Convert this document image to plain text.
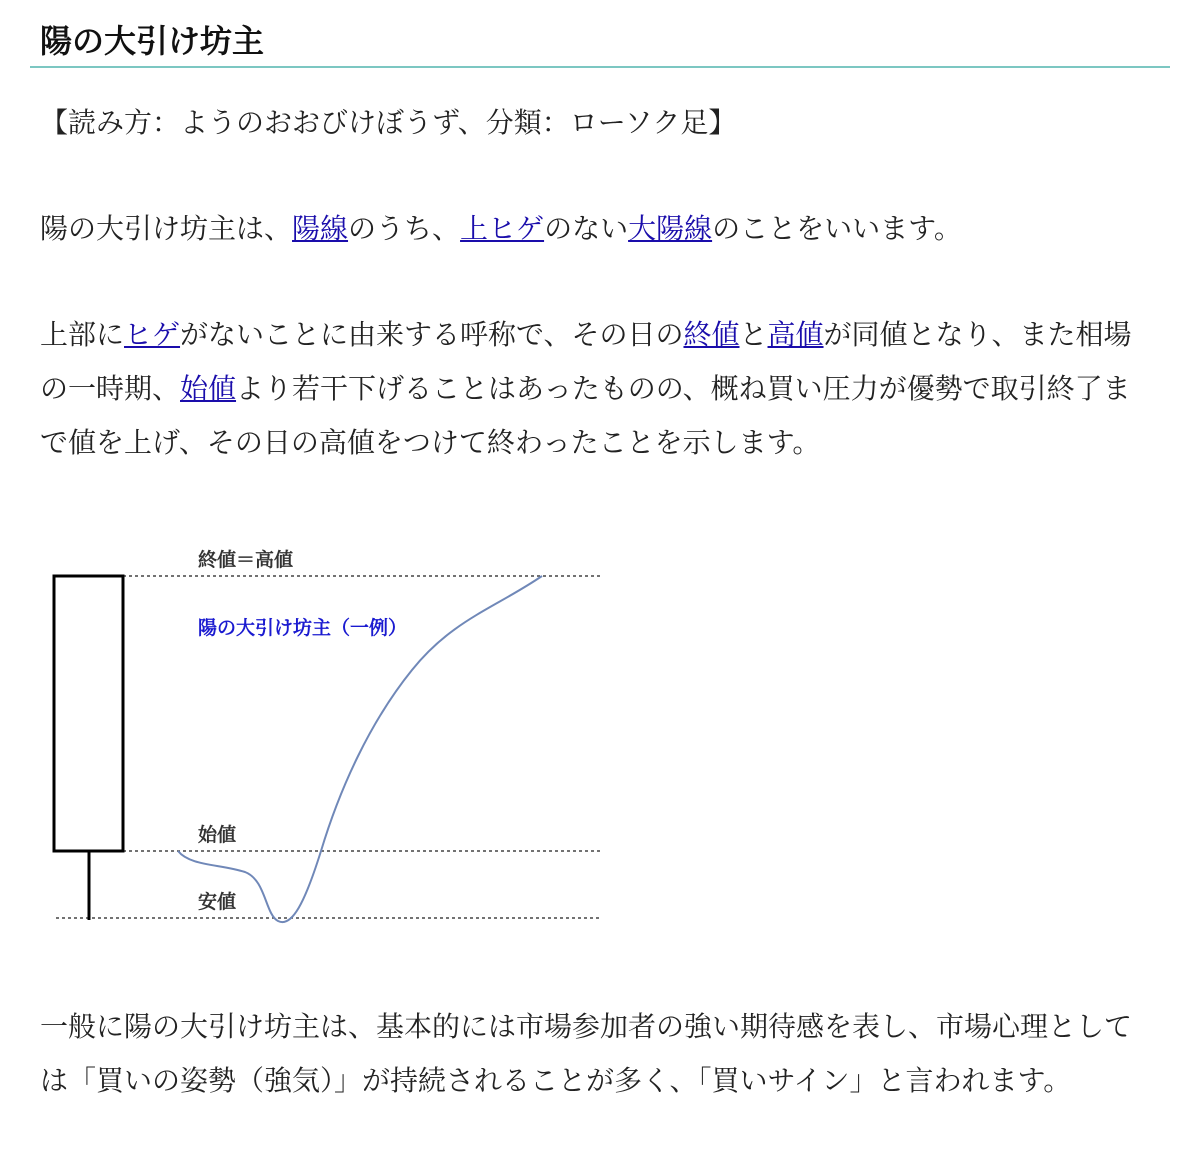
陽の大引け坊主
【読み方：ようのおおびけぼうず、分類：ローソク足】
陽の大引け坊主は、陽線のうち、上ヒゲのない大陽線のことをいいます。
上部にヒゲがないことに由来する呼称で、その日の終値と高値が同値となり、また相場の一時期、始値より若干下げることはあったものの、概ね買い圧力が優勢で取引終了まで値を上げ、その日の高値をつけて終わったことを示します。
終値＝高値
陽の大引け坊主（一例）
始値
安値
一般に陽の大引け坊主は、基本的には市場参加者の強い期待感を表し、市場心理としては「買いの姿勢（強気）」が持続されることが多く、「買いサイン」と言われます。
